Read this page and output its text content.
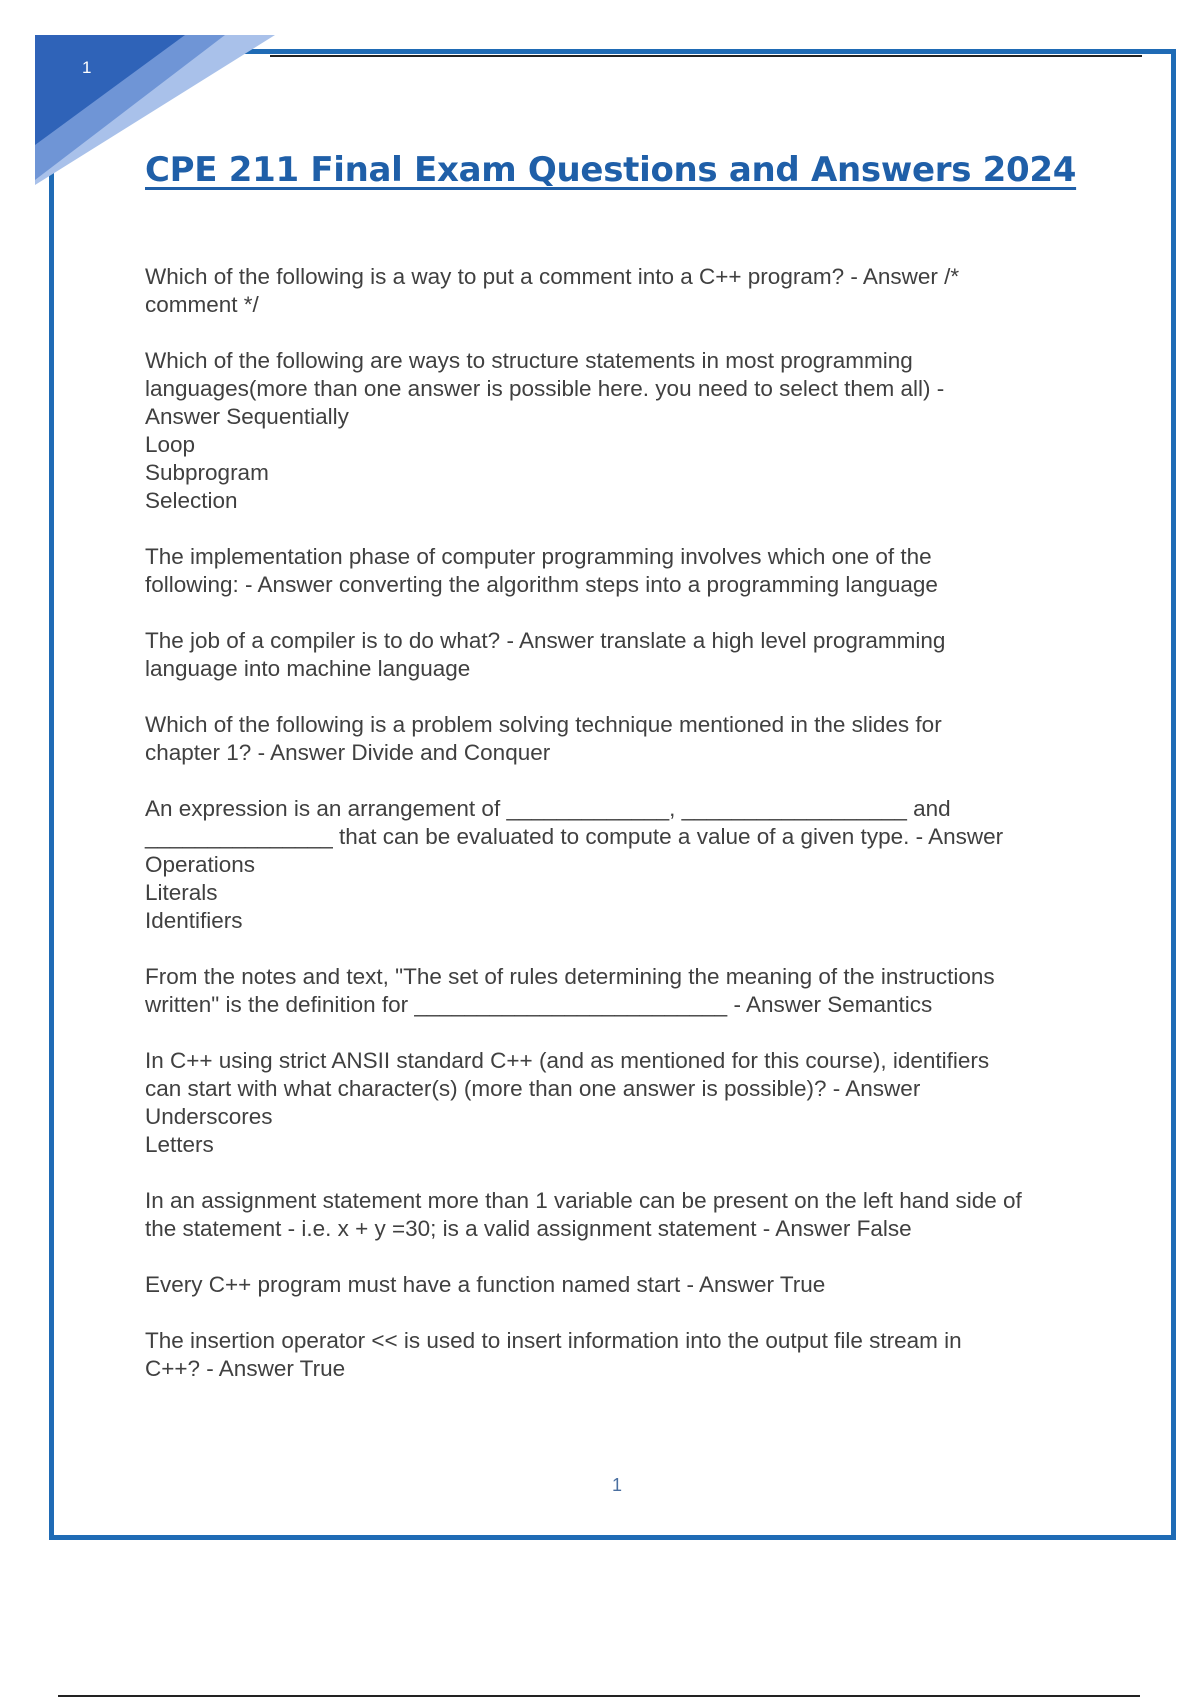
1
CPE 211 Final Exam Questions and Answers 2024
Which of the following is a way to put a comment into a C++ program? - Answer /*
comment */
Which of the following are ways to structure statements in most programming
languages(more than one answer is possible here. you need to select them all) -
Answer Sequentially
Loop
Subprogram
Selection
The implementation phase of computer programming involves which one of the
following: - Answer converting the algorithm steps into a programming language
The job of a compiler is to do what? - Answer translate a high level programming
language into machine language
Which of the following is a problem solving technique mentioned in the slides for
chapter 1? - Answer Divide and Conquer
An expression is an arrangement of _____________, __________________ and
_______________ that can be evaluated to compute a value of a given type. - Answer
Operations
Literals
Identifiers
From the notes and text, "The set of rules determining the meaning of the instructions
written" is the definition for _________________________ - Answer Semantics
In C++ using strict ANSII standard C++ (and as mentioned for this course), identifiers
can start with what character(s) (more than one answer is possible)? - Answer
Underscores
Letters
In an assignment statement more than 1 variable can be present on the left hand side of
the statement - i.e. x + y =30; is a valid assignment statement - Answer False
Every C++ program must have a function named start - Answer True
The insertion operator << is used to insert information into the output file stream in
C++? - Answer True
1
